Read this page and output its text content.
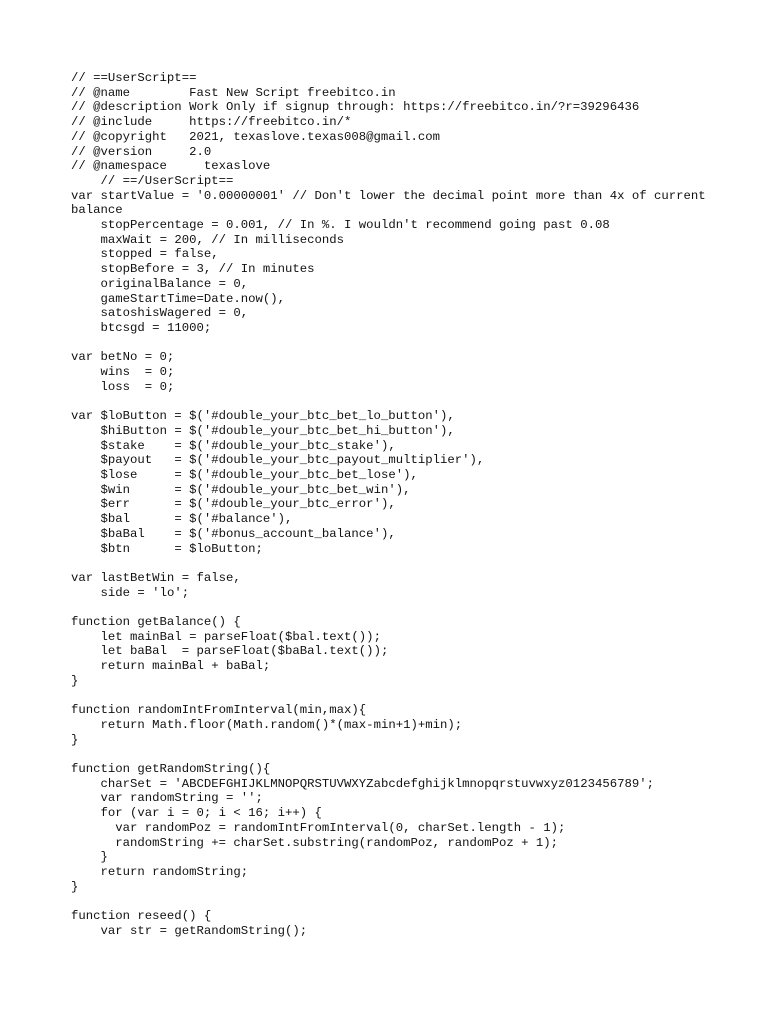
// ==UserScript==
// @name        Fast New Script freebitco.in
// @description Work Only if signup through: https://freebitco.in/?r=39296436
// @include     https://freebitco.in/*
// @copyright   2021, texaslove.texas008@gmail.com
// @version     2.0
// @namespace     texaslove
// ==/UserScript==
var startValue = '0.00000001' // Don't lower the decimal point more than 4x of current balance
stopPercentage = 0.001, // In %. I wouldn't recommend going past 0.08
maxWait = 200, // In milliseconds
stopped = false,
stopBefore = 3, // In minutes
originalBalance = 0,
gameStartTime=Date.now(),
satoshisWagered = 0,
btcsgd = 11000;

var betNo = 0;
wins  = 0;
loss  = 0;

var $loButton = $('#double_your_btc_bet_lo_button'),
$hiButton = $('#double_your_btc_bet_hi_button'),
$stake    = $('#double_your_btc_stake'),
$payout   = $('#double_your_btc_payout_multiplier'),
$lose     = $('#double_your_btc_bet_lose'),
$win      = $('#double_your_btc_bet_win'),
$err      = $('#double_your_btc_error'),
$bal      = $('#balance'),
$baBal    = $('#bonus_account_balance'),
$btn      = $loButton;

var lastBetWin = false,
side = 'lo';

function getBalance() {
let mainBal = parseFloat($bal.text());
let baBal  = parseFloat($baBal.text());
return mainBal + baBal;
}

function randomIntFromInterval(min,max){
return Math.floor(Math.random()*(max-min+1)+min);
}

function getRandomString(){
charSet = 'ABCDEFGHIJKLMNOPQRSTUVWXYZabcdefghijklmnopqrstuvwxyz0123456789';
var randomString = '';
for (var i = 0; i < 16; i++) {
var randomPoz = randomIntFromInterval(0, charSet.length - 1);
randomString += charSet.substring(randomPoz, randomPoz + 1);
}
return randomString;
}

function reseed() {
var str = getRandomString();
